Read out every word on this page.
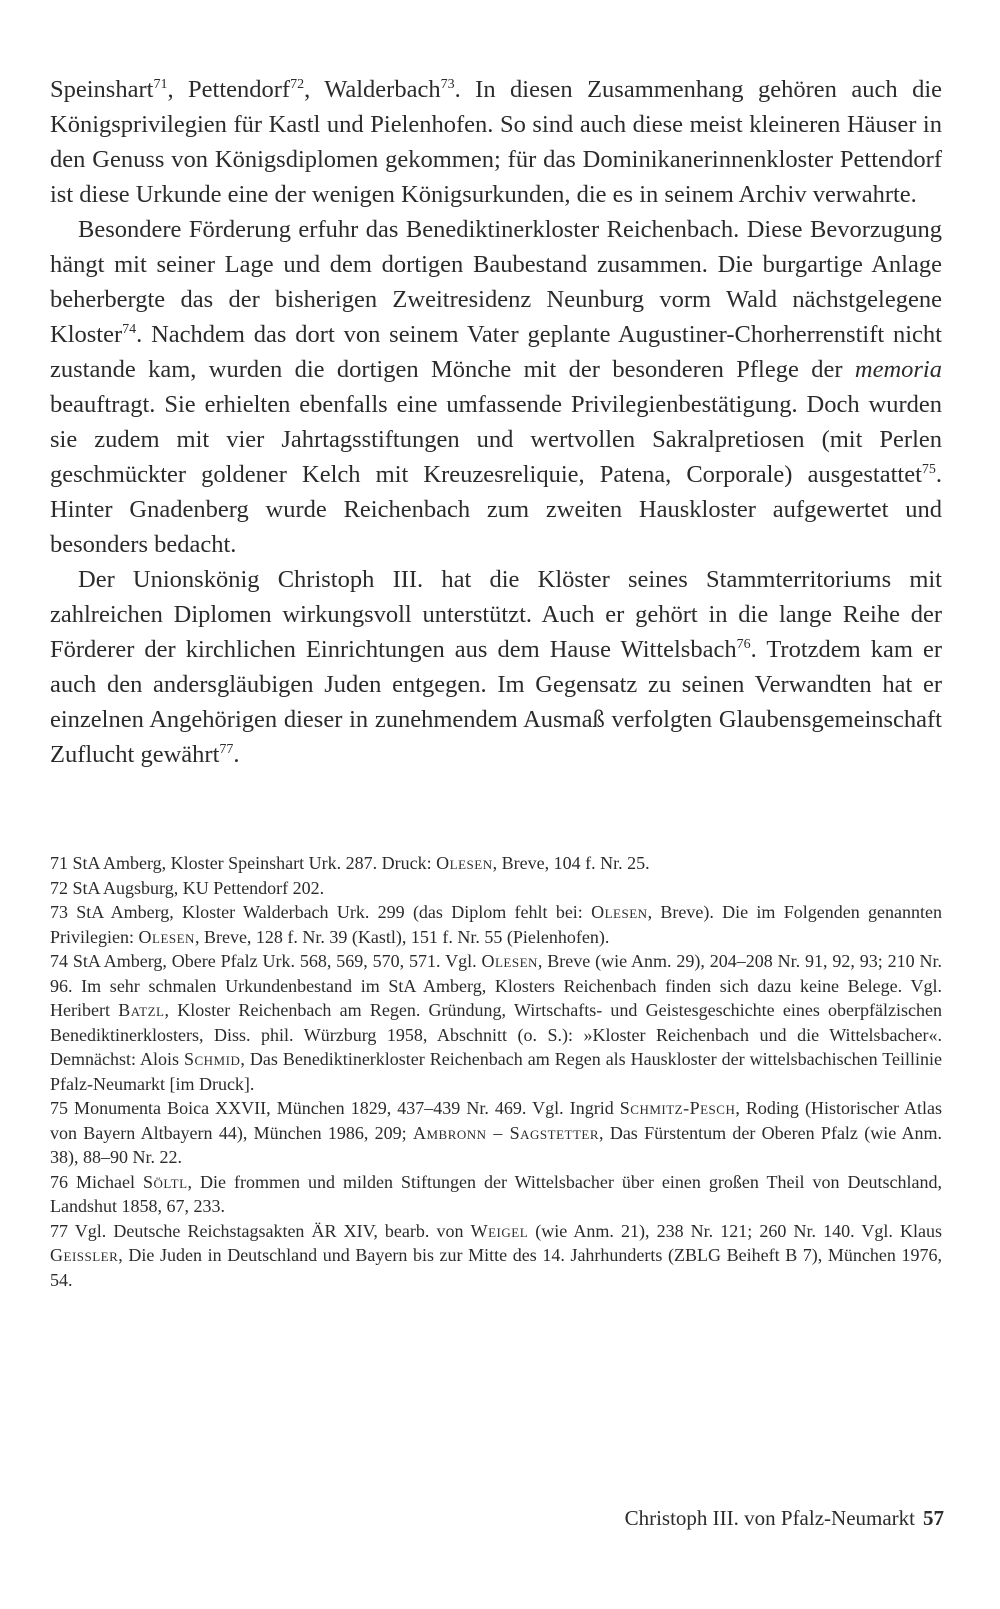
Speinshart$^{71}$, Pettendorf$^{72}$, Walderbach$^{73}$. In diesen Zusammenhang gehören auch die Königsprivilegien für Kastl und Pielenhofen. So sind auch diese meist kleineren Häuser in den Genuss von Königsdiplomen gekommen; für das Dominikanerinnenkloster Pettendorf ist diese Urkunde eine der wenigen Königsurkunden, die es in seinem Archiv verwahrte.

Besondere Förderung erfuhr das Benediktinerkloster Reichenbach. Diese Bevorzugung hängt mit seiner Lage und dem dortigen Baubestand zusammen. Die burgartige Anlage beherbergte das der bisherigen Zweitresidenz Neunburg vorm Wald nächstgelegene Kloster$^{74}$. Nachdem das dort von seinem Vater geplante Augustiner-Chorherrenstift nicht zustande kam, wurden die dortigen Mönche mit der besonderen Pflege der memoria beauftragt. Sie erhielten ebenfalls eine umfassende Privilegienbestätigung. Doch wurden sie zudem mit vier Jahrtagsstiftungen und wertvollen Sakralpretiosen (mit Perlen geschmückter goldener Kelch mit Kreuzesreliquie, Patena, Corporale) ausgestattet$^{75}$. Hinter Gnadenberg wurde Reichenbach zum zweiten Hauskloster aufgewertet und besonders bedacht.

Der Unionskönig Christoph III. hat die Klöster seines Stammterritoriums mit zahlreichen Diplomen wirkungsvoll unterstützt. Auch er gehört in die lange Reihe der Förderer der kirchlichen Einrichtungen aus dem Hause Wittelsbach$^{76}$. Trotzdem kam er auch den andersgläubigen Juden entgegen. Im Gegensatz zu seinen Verwandten hat er einzelnen Angehörigen dieser in zunehmendem Ausmaß verfolgten Glaubensgemeinschaft Zuflucht gewährt$^{77}$.

71 StA Amberg, Kloster Speinshart Urk. 287. Druck: Olesen, Breve, 104 f. Nr. 25.

72 StA Augsburg, KU Pettendorf 202.

73 StA Amberg, Kloster Walderbach Urk. 299 (das Diplom fehlt bei: Olesen, Breve). Die im Folgenden genannten Privilegien: Olesen, Breve, 128 f. Nr. 39 (Kastl), 151 f. Nr. 55 (Pielenhofen).

74 StA Amberg, Obere Pfalz Urk. 568, 569, 570, 571. Vgl. Olesen, Breve (wie Anm. 29), 204–208 Nr. 91, 92, 93; 210 Nr. 96. Im sehr schmalen Urkundenbestand im StA Amberg, Klosters Reichenbach finden sich dazu keine Belege. Vgl. Heribert Batzl, Kloster Reichenbach am Regen. Gründung, Wirtschafts- und Geistesgeschichte eines oberpfälzischen Benediktinerklosters, Diss. phil. Würzburg 1958, Abschnitt (o. S.): »Kloster Reichenbach und die Wittelsbacher«. Demnächst: Alois Schmid, Das Benediktinerkloster Reichenbach am Regen als Hauskloster der wittelsbachischen Teillinie Pfalz-Neumarkt [im Druck].

75 Monumenta Boica XXVII, München 1829, 437–439 Nr. 469. Vgl. Ingrid Schmitz-Pesch, Roding (Historischer Atlas von Bayern Altbayern 44), München 1986, 209; Ambronn – Sagstetter, Das Fürstentum der Oberen Pfalz (wie Anm. 38), 88–90 Nr. 22.

76 Michael Söltl, Die frommen und milden Stiftungen der Wittelsbacher über einen großen Theil von Deutschland, Landshut 1858, 67, 233.

77 Vgl. Deutsche Reichstagsakten ÄR XIV, bearb. von Weigel (wie Anm. 21), 238 Nr. 121; 260 Nr. 140. Vgl. Klaus Geissler, Die Juden in Deutschland und Bayern bis zur Mitte des 14. Jahrhunderts (ZBLG Beiheft B 7), München 1976, 54.

Christoph III. von Pfalz-Neumarkt 57
